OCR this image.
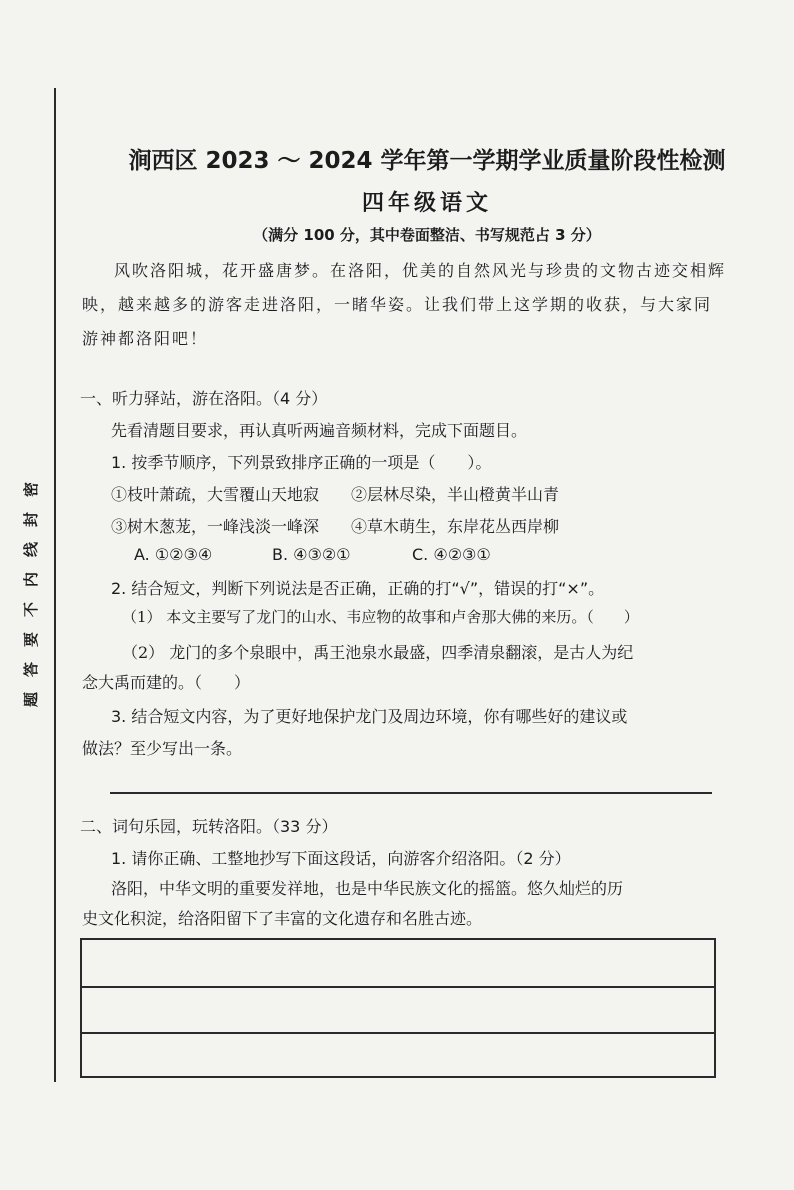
密
封
线
内
不
要
答
题
涧西区 2023 ～ 2024 学年第一学期学业质量阶段性检测
四年级语文
（满分 100 分，其中卷面整洁、书写规范占 3 分）
风吹洛阳城，花开盛唐梦。在洛阳，优美的自然风光与珍贵的文物古迹交相辉映，越来越多的游客走进洛阳，一睹华姿。让我们带上这学期的收获，与大家同游神都洛阳吧！
一、听力驿站，游在洛阳。（4 分）
先看清题目要求，再认真听两遍音频材料，完成下面题目。
1. 按季节顺序，下列景致排序正确的一项是（　　）。
①枝叶萧疏，大雪覆山天地寂　　②层林尽染，半山橙黄半山青
③树木葱茏，一峰浅淡一峰深　　④草木萌生，东岸花丛西岸柳
A. ①②③④	B. ④③②①	C. ④②③①
2. 结合短文，判断下列说法是否正确，正确的打“√”，错误的打“×”。
（1） 本文主要写了龙门的山水、韦应物的故事和卢舍那大佛的来历。（　　）
（2） 龙门的多个泉眼中，禹王池泉水最盛，四季清泉翻滚，是古人为纪
念大禹而建的。（　　）
3. 结合短文内容，为了更好地保护龙门及周边环境，你有哪些好的建议或
做法？至少写出一条。
二、词句乐园，玩转洛阳。（33 分）
1. 请你正确、工整地抄写下面这段话，向游客介绍洛阳。（2 分）
洛阳，中华文明的重要发祥地，也是中华民族文化的摇篮。悠久灿烂的历
史文化积淀，给洛阳留下了丰富的文化遗存和名胜古迹。
